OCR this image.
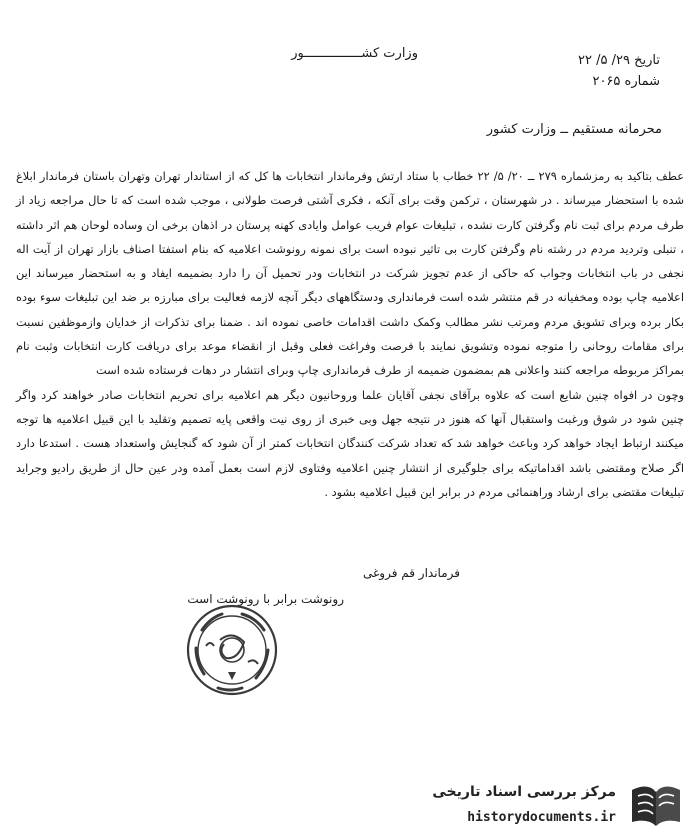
وزارت کشـــــــــــــــور	تاریخ ۲۹/ ۵/ ۲۲
شماره ۲۰۶۵
محرمانه مستقیم ــ وزارت کشور

عطف بتاکید به رمزشماره ۲۷۹ ــ ۲۰/ ۵/ ۲۲ خطاب با ستاد ارتش وفرماندار انتخابات ها کل که از استاندار تهران وتهران باستان فرماندار ابلاغ شده با استحضار میرساند . در شهرستان ، ترکمن وقت برای آنکه ، فکری آشتی فرصت طولانی ، موجب شده است که تا حال مراجعه زیاد از طرف مردم برای ثبت نام وگرفتن کارت نشده ، تبلیغات عوام فریب عوامل وایادی کهنه پرستان در اذهان برخی ان وساده لوحان هم اثر داشته ، تنبلی وتردید مردم در رشته نام وگرفتن کارت بی تاثیر نبوده است برای نمونه رونوشت اعلامیه که بنام استفتا اصناف بازار تهران از آیت اله نجفی در باب انتخابات وجواب که حاکی از عدم تجویز شرکت در انتخابات ودر تحمیل آن را دارد بضمیمه ایفاد و به استحضار میرساند این اعلامیه چاپ بوده ومخفیانه در قم منتشر شده است فرمانداری ودستگاههای دیگر آنچه لازمه فعالیت برای مبارزه بر ضد این تبلیغات سوء بوده بکار برده وبرای تشویق مردم ومرتب نشر مطالب وکمک داشت اقدامات خاصی نموده اند . ضمنا برای تذکرات از خدایان وازموظفین نسبت برای مقامات روحانی را متوجه نموده وتشویق نمایند با فرصت وفراغت فعلی وقبل از انقضاء موعد برای دریافت کارت انتخابات وثبت نام بمراکز مربوطه مراجعه کنند واعلانی هم بمضمون ضمیمه از طرف فرمانداری چاپ وبرای انتشار در دهات فرستاده شده است

وچون در افواه چنین شایع است که علاوه برآقای نجفی آقایان علما وروحانیون دیگر هم اعلامیه برای تحریم انتخابات صادر خواهند کرد واگر چنین شود در شوق ورغبت واستقبال آنها که هنوز در نتیجه جهل وبی خبری از روی نیت واقعی پایه تصمیم وتقلید با این قبیل اعلامیه ها توجه میکنند ارتباط ایجاد خواهد کرد وباعث خواهد شد که تعداد شرکت کنندگان انتخابات کمتر از آن شود که گنجایش واستعداد هست . استدعا دارد اگر صلاح ومقتضی باشد اقداماتیکه برای جلوگیری از انتشار چنین اعلامیه وفتاوی لازم است بعمل آمده ودر عین حال از طریق رادیو وجراید تبلیغات مقتضی برای ارشاد وراهنمائی مردم در برابر این قبیل اعلامیه بشود .

فرماندار قم فروغی
رونوشت برابر با رونوشت است
مرکز بررسی اسناد تاریخی
historydocuments.ir
